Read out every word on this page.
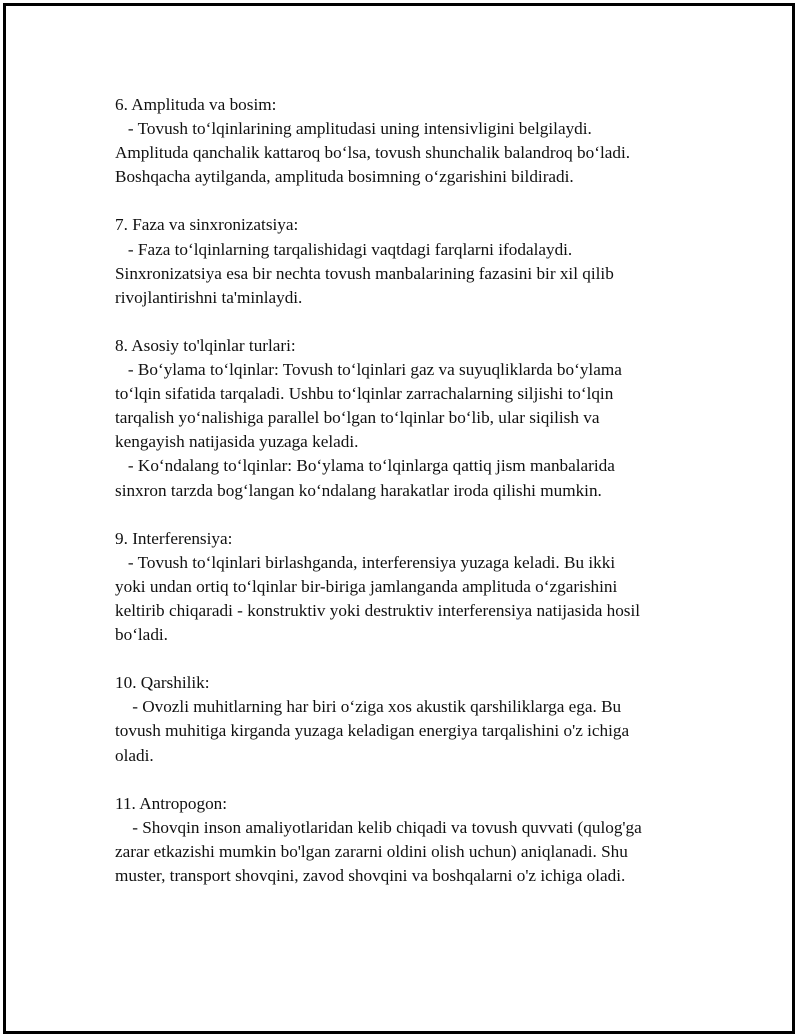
6. Amplituda va bosim:
- Tovush to‘lqinlarining amplitudasi uning intensivligini belgilaydi.
Amplituda qanchalik kattaroq bo‘lsa, tovush shunchalik balandroq bo‘ladi.
Boshqacha aytilganda, amplituda bosimning o‘zgarishini bildiradi.
7. Faza va sinxronizatsiya:
- Faza to‘lqinlarning tarqalishidagi vaqtdagi farqlarni ifodalaydi.
Sinxronizatsiya esa bir nechta tovush manbalarining fazasini bir xil qilib
rivojlantirishni ta'minlaydi.
8. Asosiy to'lqinlar turlari:
- Bo‘ylama to‘lqinlar: Tovush to‘lqinlari gaz va suyuqliklarda bo‘ylama
to‘lqin sifatida tarqaladi. Ushbu to‘lqinlar zarrachalarning siljishi to‘lqin
tarqalish yo‘nalishiga parallel bo‘lgan to‘lqinlar bo‘lib, ular siqilish va
kengayish natijasida yuzaga keladi.
- Ko‘ndalang to‘lqinlar: Bo‘ylama to‘lqinlarga qattiq jism manbalarida
sinxron tarzda bog‘langan ko‘ndalang harakatlar iroda qilishi mumkin.
9. Interferensiya:
- Tovush to‘lqinlari birlashganda, interferensiya yuzaga keladi. Bu ikki
yoki undan ortiq to‘lqinlar bir-biriga jamlanganda amplituda o‘zgarishini
keltirib chiqaradi - konstruktiv yoki destruktiv interferensiya natijasida hosil
bo‘ladi.
10. Qarshilik:
- Ovozli muhitlarning har biri o‘ziga xos akustik qarshiliklarga ega. Bu
tovush muhitiga kirganda yuzaga keladigan energiya tarqalishini o'z ichiga
oladi.
11. Antropogon:
- Shovqin inson amaliyotlaridan kelib chiqadi va tovush quvvati (qulog'ga
zarar etkazishi mumkin bo'lgan zararni oldini olish uchun) aniqlanadi. Shu
muster, transport shovqini, zavod shovqini va boshqalarni o'z ichiga oladi.
